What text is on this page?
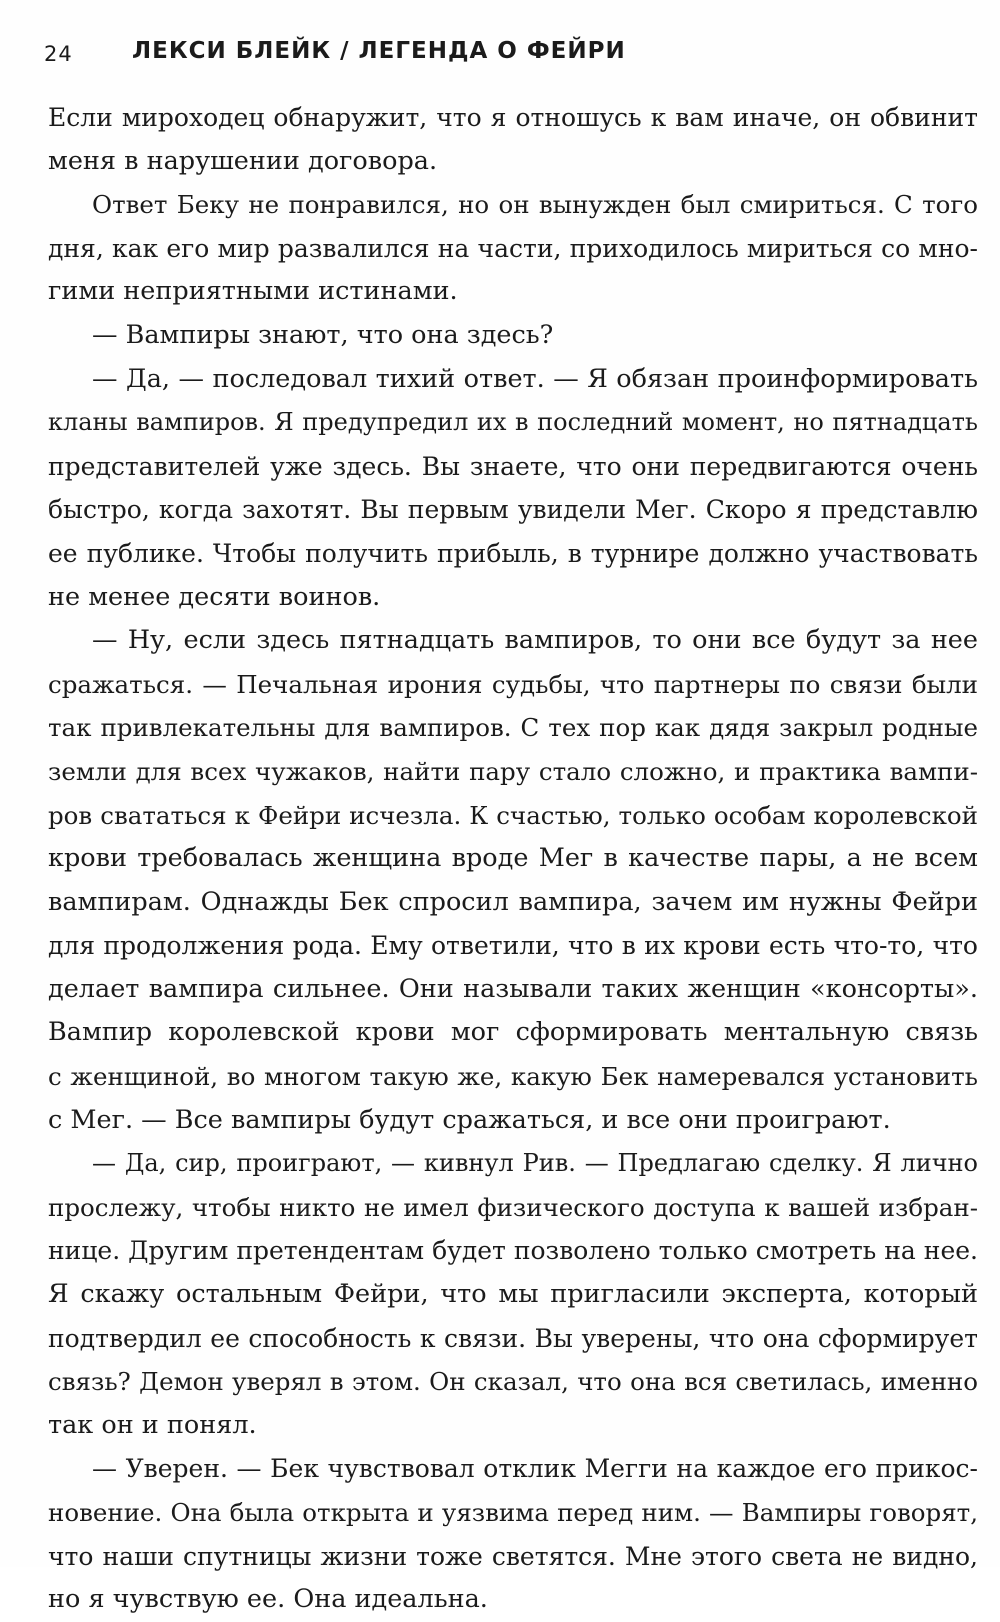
24	ЛЕКСИ БЛЕЙК / ЛЕГЕНДА О ФЕЙРИ
Если мироходец обнаружит, что я отношусь к вам иначе, он обвинит
меня в нарушении договора.
Ответ Беку не понравился, но он вынужден был смириться. С того
дня, как его мир развалился на части, приходилось мириться со мно-
гими неприятными истинами.
— Вампиры знают, что она здесь?
— Да, — последовал тихий ответ. — Я обязан проинформировать
кланы вампиров. Я предупредил их в последний момент, но пятнадцать
представителей уже здесь. Вы знаете, что они передвигаются очень
быстро, когда захотят. Вы первым увидели Мег. Скоро я представлю
ее публике. Чтобы получить прибыль, в турнире должно участвовать
не менее десяти воинов.
— Ну, если здесь пятнадцать вампиров, то они все будут за нее
сражаться. — Печальная ирония судьбы, что партнеры по связи были
так привлекательны для вампиров. С тех пор как дядя закрыл родные
земли для всех чужаков, найти пару стало сложно, и практика вампи-
ров свататься к Фейри исчезла. К счастью, только особам королевской
крови требовалась женщина вроде Мег в качестве пары, а не всем
вампирам. Однажды Бек спросил вампира, зачем им нужны Фейри
для продолжения рода. Ему ответили, что в их крови есть что-то, что
делает вампира сильнее. Они называли таких женщин «консорты».
Вампир королевской крови мог сформировать ментальную связь
с женщиной, во многом такую же, какую Бек намеревался установить
с Мег. — Все вампиры будут сражаться, и все они проиграют.
— Да, сир, проиграют, — кивнул Рив. — Предлагаю сделку. Я лично
прослежу, чтобы никто не имел физического доступа к вашей избран-
нице. Другим претендентам будет позволено только смотреть на нее.
Я скажу остальным Фейри, что мы пригласили эксперта, который
подтвердил ее способность к связи. Вы уверены, что она сформирует
связь? Демон уверял в этом. Он сказал, что она вся светилась, именно
так он и понял.
— Уверен. — Бек чувствовал отклик Мегги на каждое его прикос-
новение. Она была открыта и уязвима перед ним. — Вампиры говорят,
что наши спутницы жизни тоже светятся. Мне этого света не видно,
но я чувствую ее. Она идеальна.
